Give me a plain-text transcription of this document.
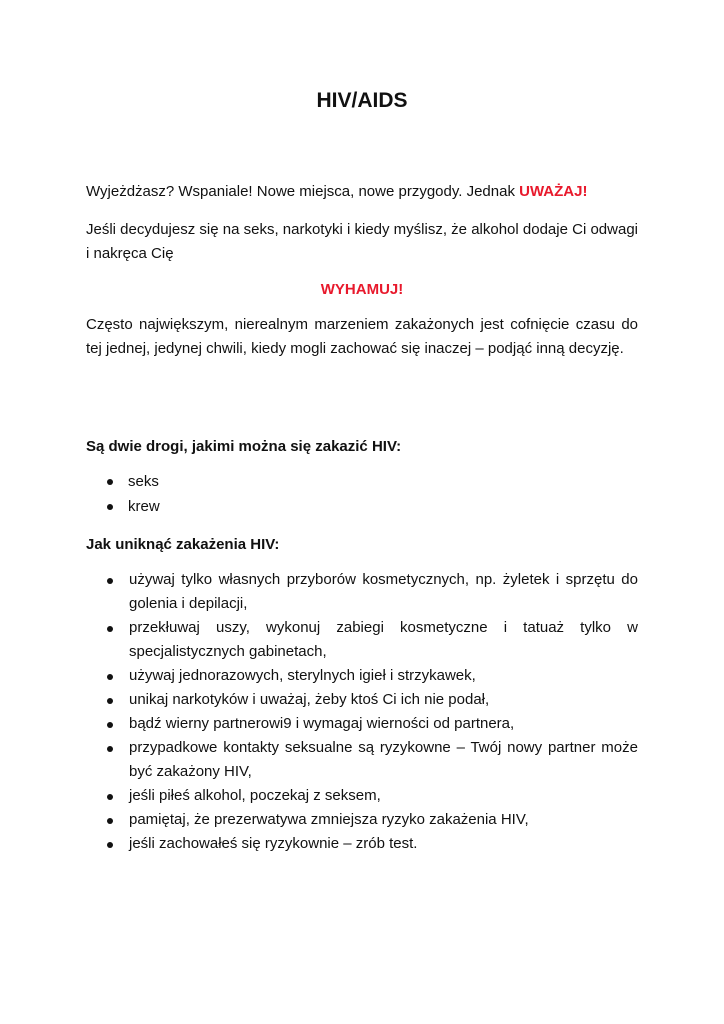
HIV/AIDS

Wyjeżdżasz? Wspaniale! Nowe miejsca, nowe przygody. Jednak UWAŻAJ!

Jeśli decydujesz się na seks, narkotyki i kiedy myślisz, że alkohol dodaje Ci odwagi i nakręca Cię

WYHAMUJ!

Często największym, nierealnym marzeniem zakażonych jest cofnięcie czasu do tej jednej, jedynej chwili, kiedy mogli zachować się inaczej – podjąć inną decyzję.

Są dwie drogi, jakimi można się zakazić HIV:

seks
krew

Jak uniknąć zakażenia HIV:

używaj tylko własnych przyborów kosmetycznych, np. żyletek i sprzętu do golenia i depilacji,
przekłuwaj uszy, wykonuj zabiegi kosmetyczne i tatuaż tylko w specjalistycznych gabinetach,
używaj jednorazowych, sterylnych igieł i strzykawek,
unikaj narkotyków i uważaj, żeby ktoś Ci ich nie podał,
bądź wierny partnerowi9 i wymagaj wierności od partnera,
przypadkowe kontakty seksualne są ryzykowne – Twój nowy partner może być zakażony HIV,
jeśli piłeś alkohol, poczekaj z seksem,
pamiętaj, że prezerwatywa zmniejsza ryzyko zakażenia HIV,
jeśli zachowałeś się ryzykownie – zrób test.
